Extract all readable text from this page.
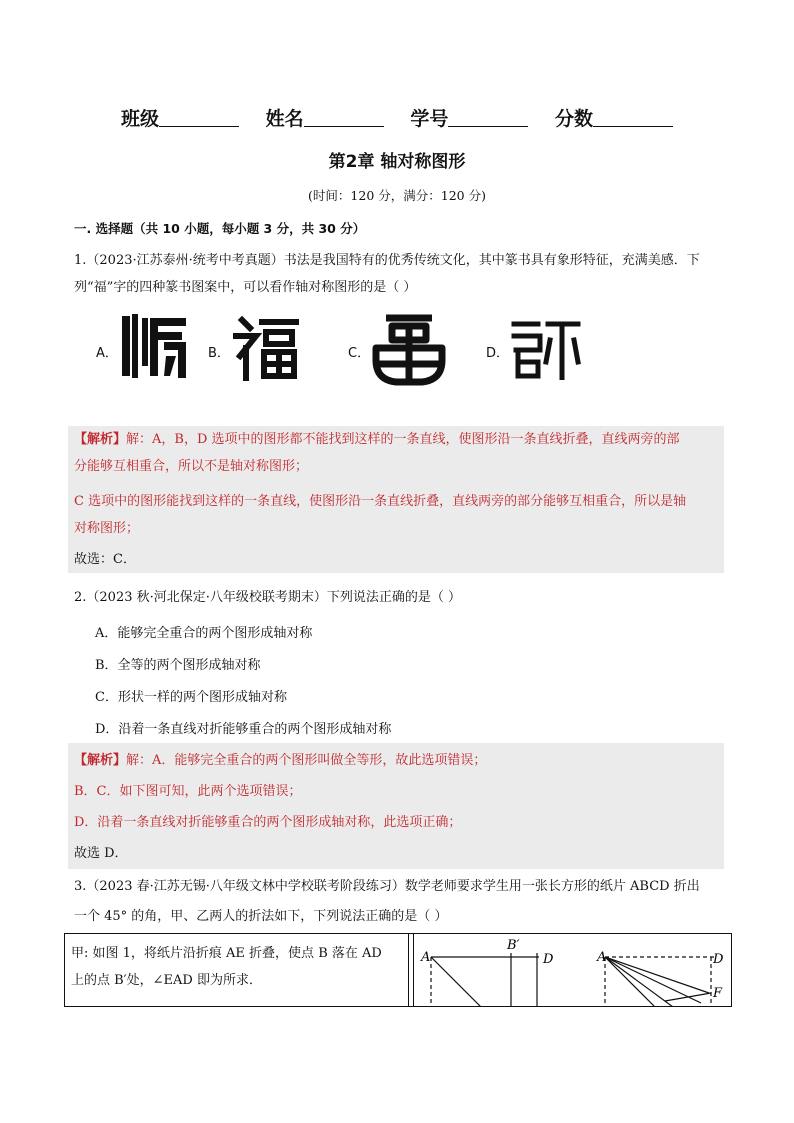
班级	姓名	学号	分数
第2章 轴对称图形
(时间：120 分，满分：120 分)
一. 选择题（共 10 小题，每小题 3 分，共 30 分）
1.（2023·江苏泰州·统考中考真题）书法是我国特有的优秀传统文化，其中篆书具有象形特征，充满美感．下
列“福”字的四种篆书图案中，可以看作轴对称图形的是（ ）
A．	B．	C．	D．
【解析】解：A，B，D 选项中的图形都不能找到这样的一条直线，使图形沿一条直线折叠，直线两旁的部
分能够互相重合，所以不是轴对称图形；
C 选项中的图形能找到这样的一条直线，使图形沿一条直线折叠，直线两旁的部分能够互相重合，所以是轴
对称图形；
故选：C．
2.（2023 秋·河北保定·八年级校联考期末）下列说法正确的是（ ）
A．能够完全重合的两个图形成轴对称
B．全等的两个图形成轴对称
C．形状一样的两个图形成轴对称
D．沿着一条直线对折能够重合的两个图形成轴对称
【解析】解：A．能够完全重合的两个图形叫做全等形，故此选项错误；
B．C．如下图可知，此两个选项错误；
D．沿着一条直线对折能够重合的两个图形成轴对称，此选项正确；
故选 D．
3.（2023 春·江苏无锡·八年级文林中学校联考阶段练习）数学老师要求学生用一张长方形的纸片 ABCD 折出
一个 45° 的角，甲、乙两人的折法如下，下列说法正确的是（ ）
甲: 如图 1，将纸片沿折痕 AE 折叠，使点 B 落在 AD
上的点 B′处，∠EAD 即为所求．
A
B′
D	A	D
F
